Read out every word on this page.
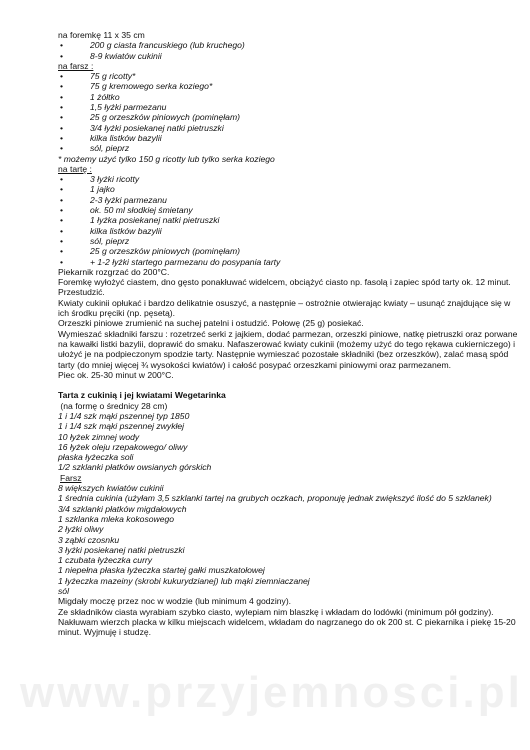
na foremkę 11 x 35 cm
•	200 g ciasta francuskiego (lub kruchego)
•	8-9 kwiatów cukinii
na farsz :
•	75 g ricotty*
•	75 g kremowego serka koziego*
•	1 żółtko
•	1,5 łyżki parmezanu
•	25 g orzeszków piniowych (pominęłam)
•	3/4 łyżki posiekanej natki pietruszki
•	kilka listków bazylii
•	sól, pieprz
* możemy użyć tylko 150 g ricotty lub tylko serka koziego
na tartę :
•	3 łyżki ricotty
•	1 jajko
•	2-3 łyżki parmezanu
•	ok. 50 ml słodkiej śmietany
•	1 łyżka posiekanej natki pietruszki
•	kilka listków bazylii
•	sól, pieprz
•	25 g orzeszków piniowych (pominęłam)
•	+ 1-2 łyżki startego parmezanu do posypania tarty

Piekarnik rozgrzać do 200°C.

Foremkę wyłożyć ciastem, dno gęsto ponakłuwać widelcem, obciążyć ciasto np. fasolą i zapiec spód tarty ok. 12 minut. Przestudzić.

Kwiaty cukinii opłukać i bardzo delikatnie osuszyć, a następnie – ostrożnie otwierając kwiaty – usunąć znajdujące się w ich środku pręciki (np. pęsetą).

Orzeszki piniowe zrumienić na suchej patelni i ostudzić. Połowę (25 g) posiekać.

Wymieszać składniki farszu : rozetrzeć serki z jajkiem, dodać parmezan, orzeszki piniowe, natkę pietruszki oraz porwane na kawałki listki bazylii, doprawić do smaku. Nafaszerować kwiaty cukinii (możemy użyć do tego rękawa cukierniczego) i ułożyć je na podpieczonym spodzie tarty. Następnie wymieszać pozostałe składniki (bez orzeszków), zalać masą spód tarty (do mniej więcej ¾ wysokości kwiatów) i całość posypać orzeszkami piniowymi oraz parmezanem.

Piec ok. 25-30 minut w 200°C.

Tarta z cukinią i jej kwiatami Wegetarinka
(na formę o średnicy 28 cm)
1 i 1/4 szk mąki pszennej typ 1850
1 i 1/4 szk mąki pszennej zwykłej
10 łyżek zimnej wody
16 łyżek oleju rzepakowego/ oliwy
płaska łyżeczka soli
1/2 szklanki płatków owsianych górskich
Farsz
8 większych kwiatów cukinii
1 średnia cukinia (użyłam 3,5 szklanki tartej na grubych oczkach, proponuję jednak zwiększyć ilość do 5 szklanek)
3/4 szklanki płatków migdałowych
1 szklanka mleka kokosowego
2 łyżki oliwy
3 ząbki czosnku
3 łyżki posiekanej natki pietruszki
1 czubata łyżeczka curry
1 niepełna płaska łyżeczka startej gałki muszkatołowej
1 łyżeczka mazeiny (skrobi kukurydzianej) lub mąki ziemniaczanej
sól

Migdały moczę przez noc w wodzie (lub minimum 4 godziny).

Ze składników ciasta wyrabiam szybko ciasto, wylepiam nim blaszkę i wkładam do lodówki (minimum pół godziny).

Nakłuwam wierzch placka w kilku miejscach widelcem, wkładam do nagrzanego do ok 200 st. C piekarnika i piekę 15-20 minut. Wyjmuję i studzę.

www.przyjemnosci.pl
